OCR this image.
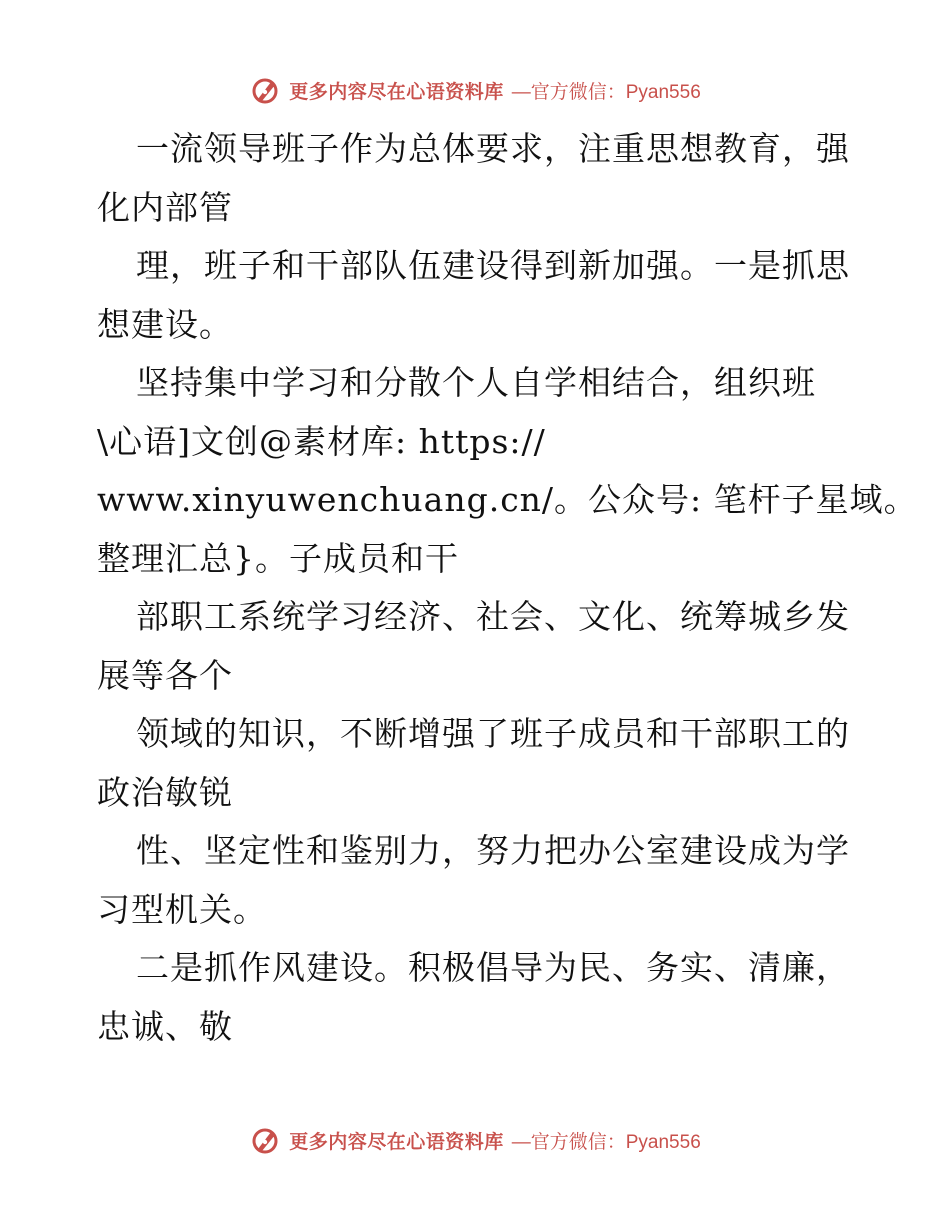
更多内容尽在心语资料库 —官方微信：Pyan556
一流领导班子作为总体要求，注重思想教育，强
化内部管
理，班子和干部队伍建设得到新加强。一是抓思
想建设。
坚持集中学习和分散个人自学相结合，组织班
\心语]文创@素材库: https://
www.xinyuwenchuang.cn/。公众号: 笔杆子星域。
整理汇总}。子成员和干
部职工系统学习经济、社会、文化、统筹城乡发
展等各个
领域的知识，不断增强了班子成员和干部职工的
政治敏锐
性、坚定性和鉴别力，努力把办公室建设成为学
习型机关。
二是抓作风建设。积极倡导为民、务实、清廉，
忠诚、敬
更多内容尽在心语资料库 —官方微信：Pyan556
